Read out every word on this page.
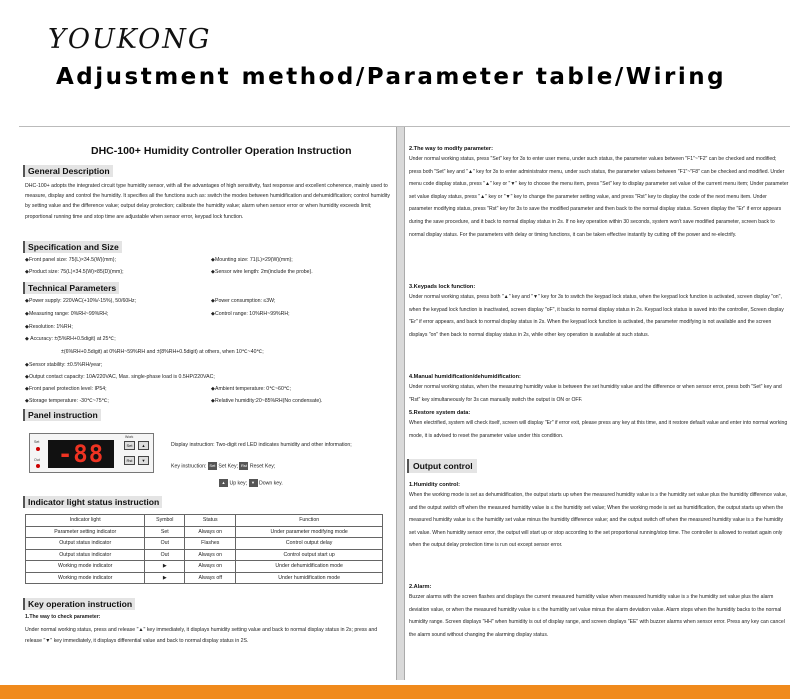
YOUKONG
Adjustment method/Parameter table/Wiring
DHC-100+ Humidity Controller Operation Instruction
General Description
DHC-100+ adopts the integrated circuit type humidity sensor, with all the advantages of high sensitivity, fast response and excellent coherence, mainly used to measure, display and control the humidity. It specifies all the functions such as: switch the modes between humidification and dehumidification; control humidity by setting value and the difference value; output delay protection; calibrate the humidity value; alarm when sensor error or when humidity exceeds limit; proportional running time and stop time are adjustable when sensor error, keypad lock function.
Specification and Size
◆Front panel size: 75(L)×34.5(W)(mm);	◆Mounting size: 71(L)×29(W)(mm);
◆Product size: 75(L)×34.5(W)×85(D)(mm);	◆Sensor wire length: 2m(include the probe).
Technical Parameters
◆Power supply: 220VAC(+10%/-15%), 50/60Hz;	◆Power consumption: ≤3W;
◆Measuring range: 0%RH~99%RH;	◆Control range: 10%RH~99%RH;
◆Resolution: 1%RH;
◆ Accuracy: ±(5%RH+0.5digit) at 25℃;
±(6%RH+0.5digit) at 0%RH~59%RH and ±(8%RH+0.5digit) at others, when 10℃~40℃;
◆Sensor stability: ±0.5%RH/year;
◆Output contact capacity: 10A/220VAC, Max. single-phase load is 0.5HP/220VAC;
◆Front panel protection level: IP54;	◆Ambient temperature: 0℃~60℃;
◆Storage temperature: -30℃~75℃;	◆Relative humidity:20~85%RH(No condensate).
Panel instruction
Set
Out
Work
-88	Set	▲
Rst	▼
Display instruction: Two-digit red LED indicates humidity and other information;
Key instruction: Set Set Key; Rst Reset Key;
▲ Up key; ▼ Down key.
Indicator light status instruction
Indicator light	Symbol	Status	Function
Parameter setting indicator	Set	Always on	Under parameter modifying mode
Output status indicator	Out	Flashes	Control output delay
Output status indicator	Out	Always on	Control output start up
Working mode indicator	▶	Always on	Under dehumidification mode
Working mode indicator	▶	Always off	Under humidification mode
Key operation instruction
1.The way to check parameter:
Under normal working status, press and release "▲" key immediately, it displays humidity setting value and back to normal display status in 2s; press and release "▼" key immediately, it displays differential value and back to normal display status in 2S.
2.The way to modify parameter:
Under normal working status, press "Set" key for 3s to enter user menu, under such status, the parameter values between "F1"~"F2" can be checked and modified; press both "Set" key and "▲" key for 3s to enter administrator menu, under such status, the parameter values between "F1"~"F8" can be checked and modified. Under menu code display status, press "▲" key or "▼" key to choose the menu item, press "Set" key to display parameter set value of the current menu item; Under parameter set value display status, press "▲" key or "▼" key to change the parameter setting value, and press "Rst" key to display the code of the next menu item. Under parameter modifying status, press "Rst" key for 3s to save the modified parameter and then back to the normal display status. Screen display the "Er" if error appears during the save procedure, and it back to normal display status in 2s. If no key operation within 30 seconds, system won't save modified parameter, screen back to normal display status. For the parameters with delay or timing functions, it can be taken effective instantly by cutting off the power and re-electrify.
3.Keypads lock function:
Under normal working status, press both "▲" key and "▼" key for 3s to switch the keypad lock status, when the keypad lock function is activated, screen display "on", when the keypad lock function is inactivated, screen display "oF", it backs to normal display status in 2s. Keypad lock status is saved into the controller, Screen display "Er" if error appears, and back to normal display status in 2s. When the keypad lock function is activated, the parameter modifying is not available and the screen displays "on" then back to normal display status in 2s, while other key operation is available at such status.
4.Manual humidification/dehumidification:
Under normal working status, when the measuring humidity value is between the set humidity value and the difference or when sensor error, press both "Set" key and "Rst" key simultaneously for 3s can manually switch the output is ON or OFF.
5.Restore system data:
When electrified, system will check itself, screen will display "Er" if error exit, please press any key at this time, and it restore default value and enter into normal working mode, it is advised to reset the parameter value under this condition.
Output control
1.Humidity control:
When the working mode is set as dehumidification, the output starts up when the measured humidity value is ≥ the humidity set value plus the humidity difference value, and the output switch off when the measured humidity value is ≤ the humidity set value; When the working mode is set as humidification, the output starts up when the measured humidity value is ≤ the humidity set value minus the humidity difference value; and the output switch off when the measured humidity value is ≥ the humidity set value. When humidity sensor error, the output will start up or stop according to the set proportional running/stop time. The controller is allowed to restart again only when the output delay protection time is run out except sensor error.
2.Alarm:
Buzzer alarms with the screen flashes and displays the current measured humidity value when measured humidity value is ≥ the humidity set value plus the alarm deviation value, or when the measured humidity value is ≤ the humidity set value minus the alarm deviation value. Alarm stops when the humidity backs to the normal humidity range. Screen displays "HH" when humidity is out of display range, and screen displays "EE" with buzzer alarms when sensor error. Press any key can cancel the alarm sound without changing the alarming display status.
